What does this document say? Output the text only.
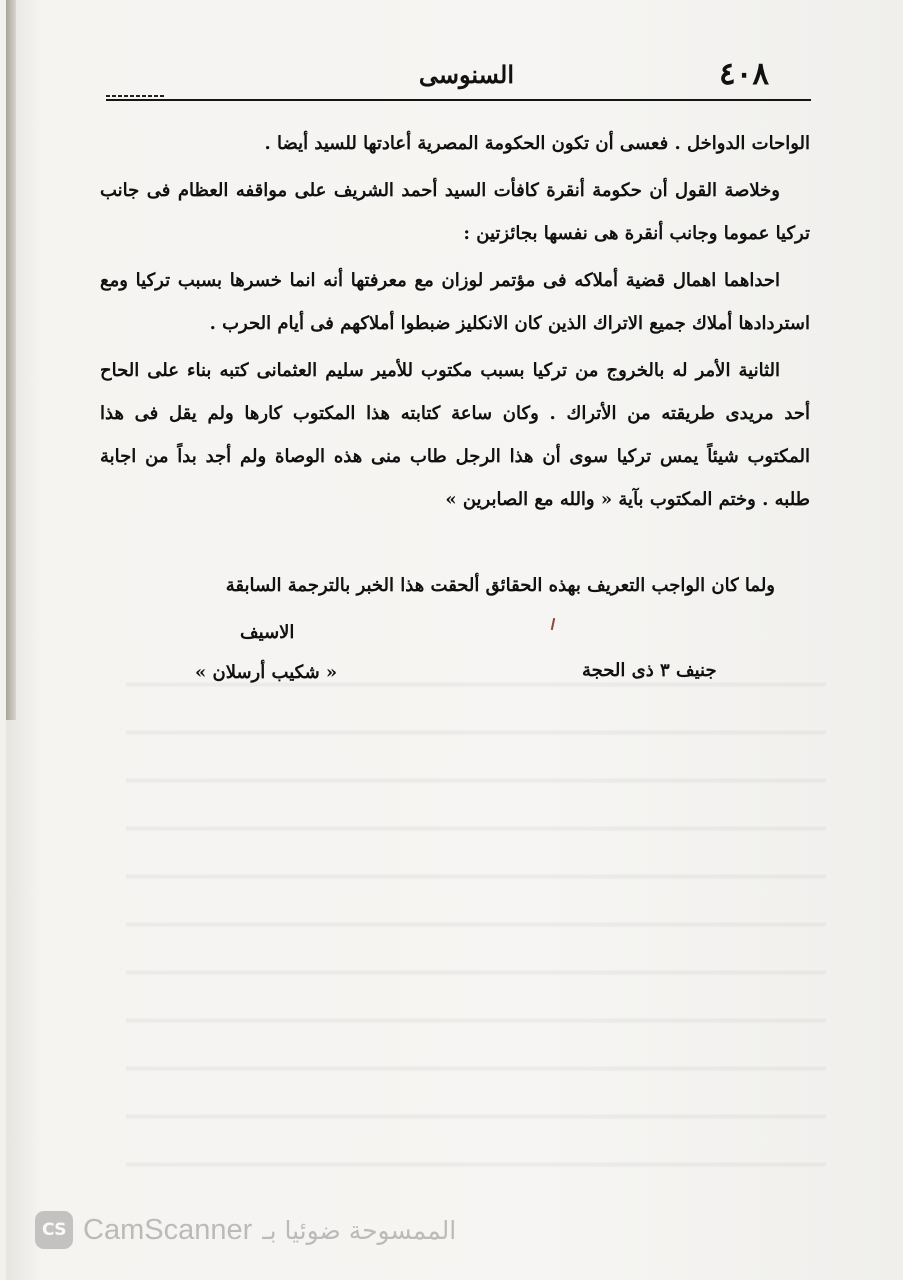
٤٠٨
السنوسى

الواحات الدواخل . فعسى أن تكون الحكومة المصرية أعادتها للسيد أيضا .

وخلاصة القول أن حكومة أنقرة كافأت السيد أحمد الشريف على مواقفه العظام فى جانب تركيا عموما وجانب أنقرة هى نفسها بجائزتين :

احداهما اهمال قضية أملاكه فى مؤتمر لوزان مع معرفتها أنه انما خسرها بسبب تركيا ومع استردادها أملاك جميع الاتراك الذين كان الانكليز ضبطوا أملاكهم فى أيام الحرب .

الثانية الأمر له بالخروج من تركيا بسبب مكتوب للأمير سليم العثمانى كتبه بناء على الحاح أحد مريدى طريقته من الأتراك . وكان ساعة كتابته هذا المكتوب كارها ولم يقل فى هذا المكتوب شيئاً يمس تركيا سوى أن هذا الرجل طاب منى هذه الوصاة ولم أجد بداً من اجابة طلبه . وختم المكتوب بآية « والله مع الصابرين »

ولما كان الواجب التعريف بهذه الحقائق ألحقت هذا الخبر بالترجمة السابقة
الاسيف
« شكيب أرسلان »	جنيف ٣ ذى الحجة
CS CamScanner الممسوحة ضوئيا بـ
